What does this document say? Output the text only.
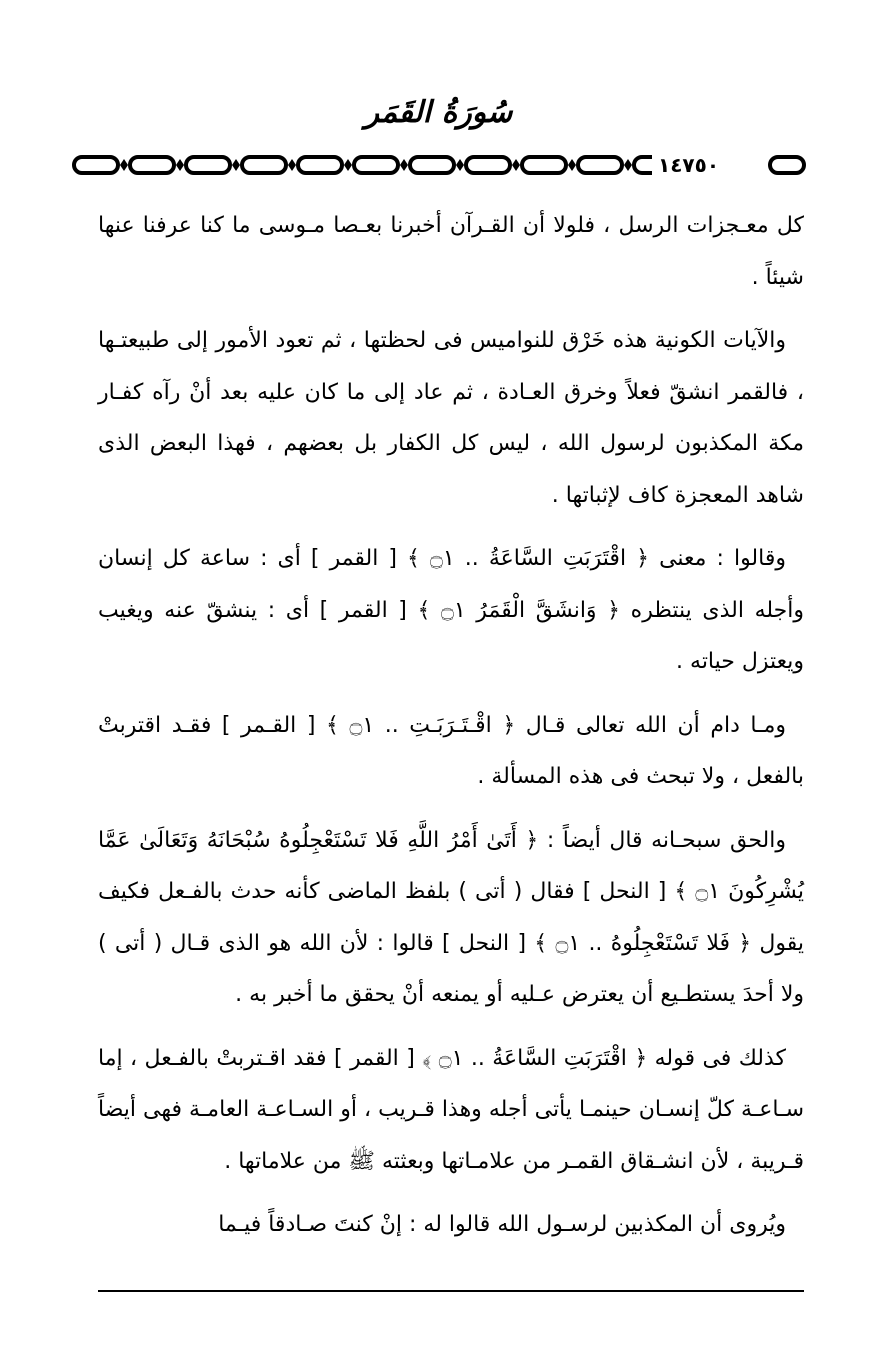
سُورَةُ القَمَر
١٤٧٥٠

كل معـجزات الرسل ، فلولا أن القـرآن أخبرنا بعـصا مـوسى ما كنا عرفنا عنها شيئاً .

والآيات الكونية هذه خَرْق للنواميس فى لحظتها ، ثم تعود الأمور إلى طبيعتـها ، فالقمر انشقّ فعلاً وخرق العـادة ، ثم عاد إلى ما كان عليه بعد أنْ رآه كفـار مكة المكذبون لرسول الله ، ليس كل الكفار بل بعضهم ، فهذا البعض الذى شاهد المعجزة كاف لإثباتها .

وقالوا : معنى ﴿ اقْتَرَبَتِ السَّاعَةُ .. ۝١ ﴾ [ القمر ] أى : ساعة كل إنسان وأجله الذى ينتظره ﴿ وَانشَقَّ الْقَمَرُ ۝١ ﴾ [ القمر ] أى : ينشقّ عنه ويغيب ويعتزل حياته .

ومـا دام أن الله تعالى قـال ﴿ اقْـتَـرَبَـتِ .. ۝١ ﴾ [ القـمر ] فقـد اقتربتْ بالفعل ، ولا تبحث فى هذه المسألة .

والحق سبحـانه قال أيضاً : ﴿ أَتَىٰ أَمْرُ اللَّهِ فَلا تَسْتَعْجِلُوهُ سُبْحَانَهُ وَتَعَالَىٰ عَمَّا يُشْرِكُونَ ۝١ ﴾ [ النحل ] فقال ( أتى ) بلفظ الماضى كأنه حدث بالفـعل فكيف يقول ﴿ فَلا تَسْتَعْجِلُوهُ .. ۝١ ﴾ [ النحل ] قالوا : لأن الله هو الذى قـال ( أتى ) ولا أحدَ يستطـيع أن يعترض عـليه أو يمنعه أنْ يحقق ما أخبر به .

كذلك فى قوله ﴿ اقْتَرَبَتِ السَّاعَةُ .. ۝١ ﴾ [ القمر ] فقد اقـتربتْ بالفـعل ، إما سـاعـة كلّ إنسـان حينمـا يأتى أجله وهذا قـريب ، أو السـاعـة العامـة فهى أيضاً قـريبة ، لأن انشـقاق القمـر من علامـاتها وبعثته ﷺ من علاماتها .

ويُروى أن المكذبين لرسـول الله قالوا له : إنْ كنتَ صـادقاً فيـما
